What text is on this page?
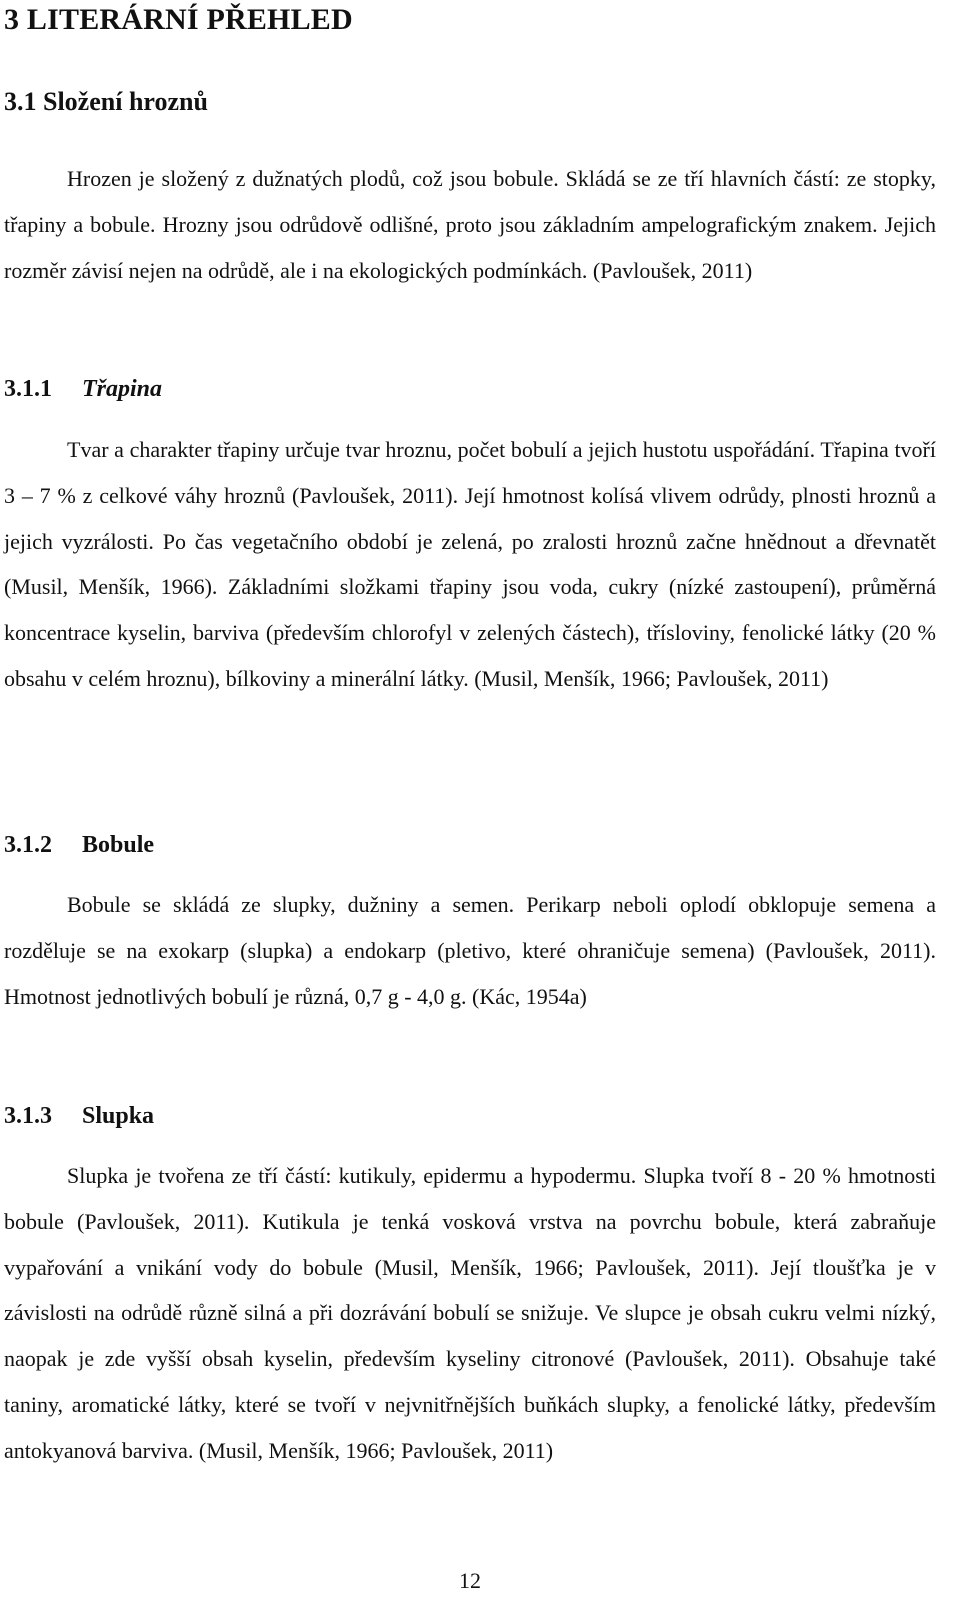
3 LITERÁRNÍ PŘEHLED
3.1 Složení hroznů

Hrozen je složený z dužnatých plodů, což jsou bobule. Skládá se ze tří hlavních částí: ze stopky, třapiny a bobule. Hrozny jsou odrůdově odlišné, proto jsou základním ampelografickým znakem. Jejich rozměr závisí nejen na odrůdě, ale i na ekologických podmínkách. (Pavloušek, 2011)

3.1.1 Třapina

Tvar a charakter třapiny určuje tvar hroznu, počet bobulí a jejich hustotu uspořádání. Třapina tvoří 3 – 7 % z celkové váhy hroznů (Pavloušek, 2011). Její hmotnost kolísá vlivem odrůdy, plnosti hroznů a jejich vyzrálosti. Po čas vegetačního období je zelená, po zralosti hroznů začne hnědnout a dřevnatět (Musil, Menšík, 1966). Základními složkami třapiny jsou voda, cukry (nízké zastoupení), průměrná koncentrace kyselin, barviva (především chlorofyl v zelených částech), třísloviny, fenolické látky (20 % obsahu v celém hroznu), bílkoviny a minerální látky. (Musil, Menšík, 1966; Pavloušek, 2011)

3.1.2 Bobule

Bobule se skládá ze slupky, dužniny a semen. Perikarp neboli oplodí obklopuje semena a rozděluje se na exokarp (slupka) a endokarp (pletivo, které ohraničuje semena) (Pavloušek, 2011). Hmotnost jednotlivých bobulí je různá, 0,7 g - 4,0 g. (Kác, 1954a)

3.1.3 Slupka

Slupka je tvořena ze tří částí: kutikuly, epidermu a hypodermu. Slupka tvoří 8 - 20 % hmotnosti bobule (Pavloušek, 2011). Kutikula je tenká vosková vrstva na povrchu bobule, která zabraňuje vypařování a vnikání vody do bobule (Musil, Menšík, 1966; Pavloušek, 2011). Její tloušťka je v závislosti na odrůdě různě silná a při dozrávání bobulí se snižuje. Ve slupce je obsah cukru velmi nízký, naopak je zde vyšší obsah kyselin, především kyseliny citronové (Pavloušek, 2011). Obsahuje také taniny, aromatické látky, které se tvoří v nejvnitřnějších buňkách slupky, a fenolické látky, především antokyanová barviva. (Musil, Menšík, 1966; Pavloušek, 2011)

12
